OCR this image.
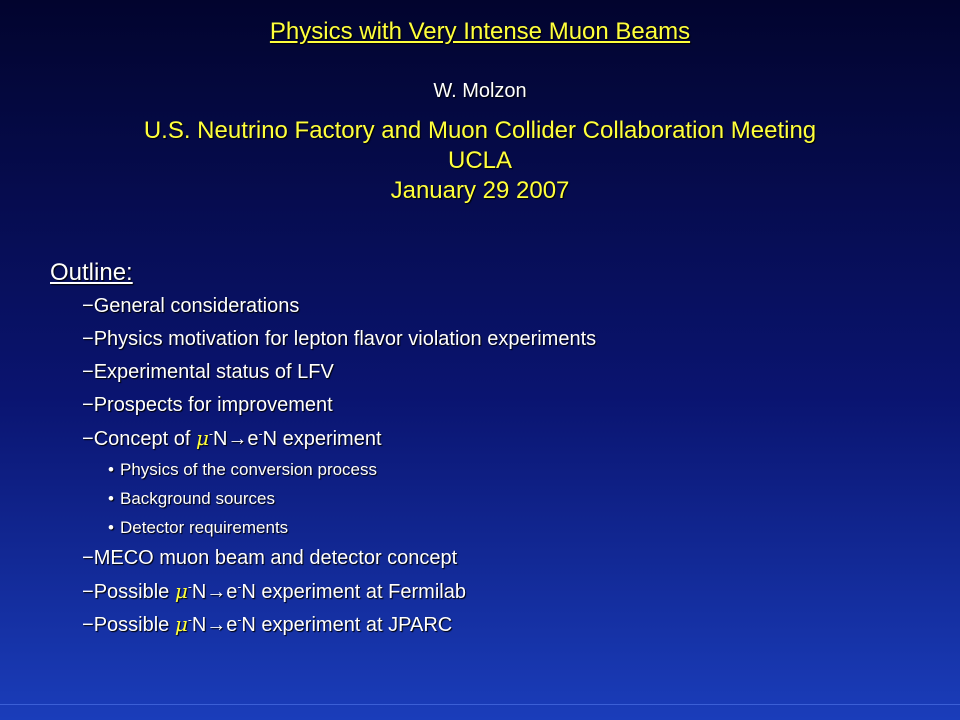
Physics with Very Intense Muon Beams
W. Molzon
U.S. Neutrino Factory and Muon Collider Collaboration Meeting
UCLA
January 29 2007
Outline:
−General considerations
−Physics motivation for lepton flavor violation experiments
−Experimental status of LFV
−Prospects for improvement
−Concept of μ-N→e-N experiment
• Physics of the conversion process
• Background sources
• Detector requirements
−MECO muon beam and detector concept
−Possible μ-N→e-N experiment at Fermilab
−Possible μ-N→e-N experiment at JPARC
